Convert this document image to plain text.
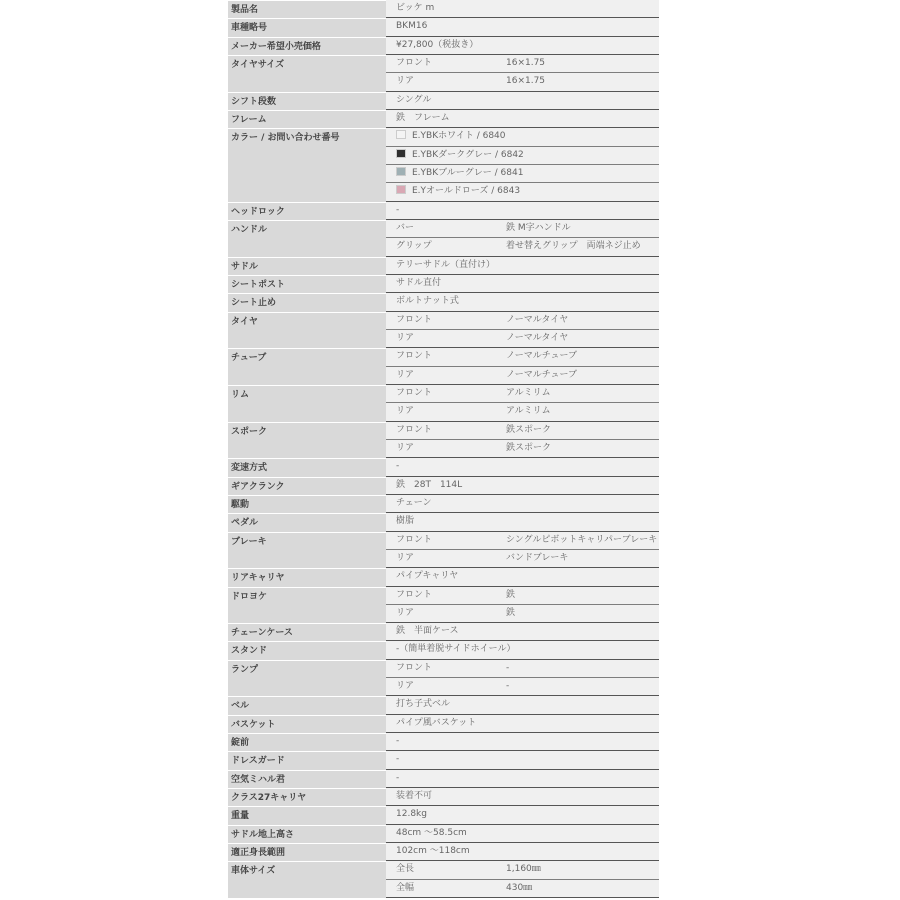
製品名	ビッケ m
車種略号	BKM16
メーカー希望小売価格	¥27,800（税抜き）
タイヤサイズ	フロント	16×1.75
リア	16×1.75
シフト段数	シングル
フレーム	鉄　フレーム
カラー / お問い合わせ番号	E.YBKホワイト / 6840
E.YBKダークグレー / 6842
E.YBKブルーグレー / 6841
E.Yオールドローズ / 6843
ヘッドロック	-
ハンドル	バー	鉄 M字ハンドル
グリップ	着せ替えグリップ　両端ネジ止め
サドル	テリーサドル（直付け）
シートポスト	サドル直付
シート止め	ボルトナット式
タイヤ	フロント	ノーマルタイヤ
リア	ノーマルタイヤ
チューブ	フロント	ノーマルチューブ
リア	ノーマルチューブ
リム	フロント	アルミリム
リア	アルミリム
スポーク	フロント	鉄スポーク
リア	鉄スポーク
変速方式	-
ギアクランク	鉄　28T　114L
駆動	チェーン
ペダル	樹脂
ブレーキ	フロント	シングルピボットキャリパーブレーキ
リア	バンドブレーキ
リアキャリヤ	パイプキャリヤ
ドロヨケ	フロント	鉄
リア	鉄
チェーンケース	鉄　半面ケース
スタンド	-（簡単着脱サイドホイール）
ランプ	フロント	-
リア	-
ベル	打ち子式ベル
バスケット	パイプ風バスケット
錠前	-
ドレスガード	-
空気ミハル君	-
クラス27キャリヤ	装着不可
重量	12.8kg
サドル地上高さ	48cm ～58.5cm
適正身長範囲	102cm ～118cm
車体サイズ	全長	1,160㎜
全幅	430㎜
